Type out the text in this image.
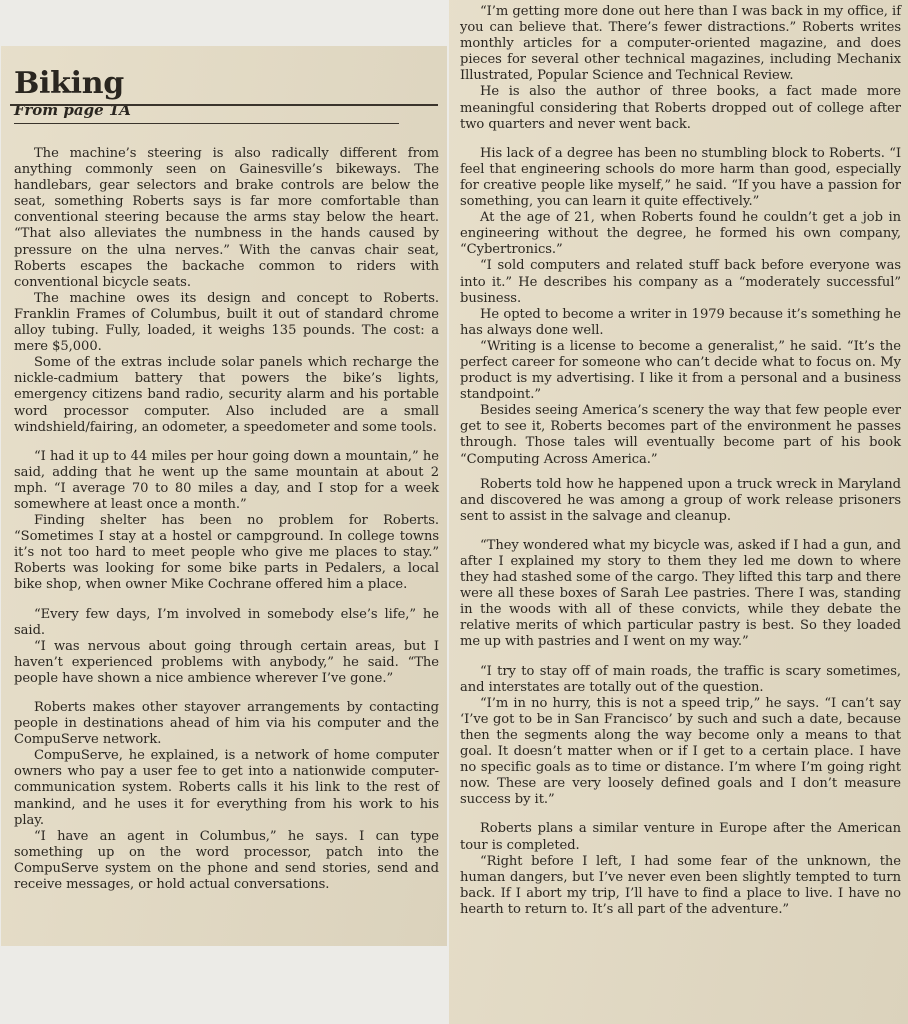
Biking
From page 1A

The machine’s steering is also radically different from anything commonly seen on Gainesville’s bikeways. The handlebars, gear selectors and brake controls are below the seat, something Roberts says is far more comfortable than conventional steering because the arms stay below the heart. “That also alleviates the numbness in the hands caused by pressure on the ulna nerves.” With the canvas chair seat, Roberts escapes the backache common to riders with conventional bicycle seats.

The machine owes its design and concept to Roberts. Franklin Frames of Columbus, built it out of standard chrome alloy tubing. Fully, loaded, it weighs 135 pounds. The cost: a mere $5,000.

Some of the extras include solar panels which recharge the nickle-cadmium battery that powers the bike’s lights, emergency citizens band radio, security alarm and his portable word processor computer. Also included are a small windshield/fairing, an odometer, a speedometer and some tools.

“I had it up to 44 miles per hour going down a mountain,” he said, adding that he went up the same mountain at about 2 mph. “I average 70 to 80 miles a day, and I stop for a week somewhere at least once a month.”

Finding shelter has been no problem for Roberts. “Sometimes I stay at a hostel or campground. In college towns it’s not too hard to meet people who give me places to stay.” Roberts was looking for some bike parts in Pedalers, a local bike shop, when owner Mike Cochrane offered him a place.

“Every few days, I’m involved in somebody else’s life,” he said.

“I was nervous about going through certain areas, but I haven’t experienced problems with anybody,” he said. “The people have shown a nice ambience wherever I’ve gone.”

Roberts makes other stayover arrangements by contacting people in destinations ahead of him via his computer and the CompuServe network.

CompuServe, he explained, is a network of home computer owners who pay a user fee to get into a nationwide computer-communication system. Roberts calls it his link to the rest of mankind, and he uses it for everything from his work to his play.

“I have an agent in Columbus,” he says. I can type something up on the word processor, patch into the CompuServe system on the phone and send stories, send and receive messages, or hold actual conversations.

“I’m getting more done out here than I was back in my office, if you can believe that. There’s fewer distractions.” Roberts writes monthly articles for a computer-oriented magazine, and does pieces for several other technical magazines, including Mechanix Illustrated, Popular Science and Technical Review.

He is also the author of three books, a fact made more meaningful considering that Roberts dropped out of college after two quarters and never went back.

His lack of a degree has been no stumbling block to Roberts. “I feel that engineering schools do more harm than good, especially for creative people like myself,” he said. “If you have a passion for something, you can learn it quite effectively.”

At the age of 21, when Roberts found he couldn’t get a job in engineering without the degree, he formed his own company, “Cybertronics.”

“I sold computers and related stuff back before everyone was into it.” He describes his company as a “moderately successful” business.

He opted to become a writer in 1979 because it’s something he has always done well.

“Writing is a license to become a generalist,” he said. “It’s the perfect career for someone who can’t decide what to focus on. My product is my advertising. I like it from a personal and a business standpoint.”

Besides seeing America’s scenery the way that few people ever get to see it, Roberts becomes part of the environment he passes through. Those tales will eventually become part of his book “Computing Across America.”

Roberts told how he happened upon a truck wreck in Maryland and discovered he was among a group of work release prisoners sent to assist in the salvage and cleanup.

“They wondered what my bicycle was, asked if I had a gun, and after I explained my story to them they led me down to where they had stashed some of the cargo. They lifted this tarp and there were all these boxes of Sarah Lee pastries. There I was, standing in the woods with all of these convicts, while they debate the relative merits of which particular pastry is best. So they loaded me up with pastries and I went on my way.”

“I try to stay off of main roads, the traffic is scary sometimes, and interstates are totally out of the question.

“I’m in no hurry, this is not a speed trip,” he says. “I can’t say ‘I’ve got to be in San Francisco’ by such and such a date, because then the segments along the way become only a means to that goal. It doesn’t matter when or if I get to a certain place. I have no specific goals as to time or distance. I’m where I’m going right now. These are very loosely defined goals and I don’t measure success by it.”

Roberts plans a similar venture in Europe after the American tour is completed.

“Right before I left, I had some fear of the unknown, the human dangers, but I’ve never even been slightly tempted to turn back. If I abort my trip, I’ll have to find a place to live. I have no hearth to return to. It’s all part of the adventure.”
